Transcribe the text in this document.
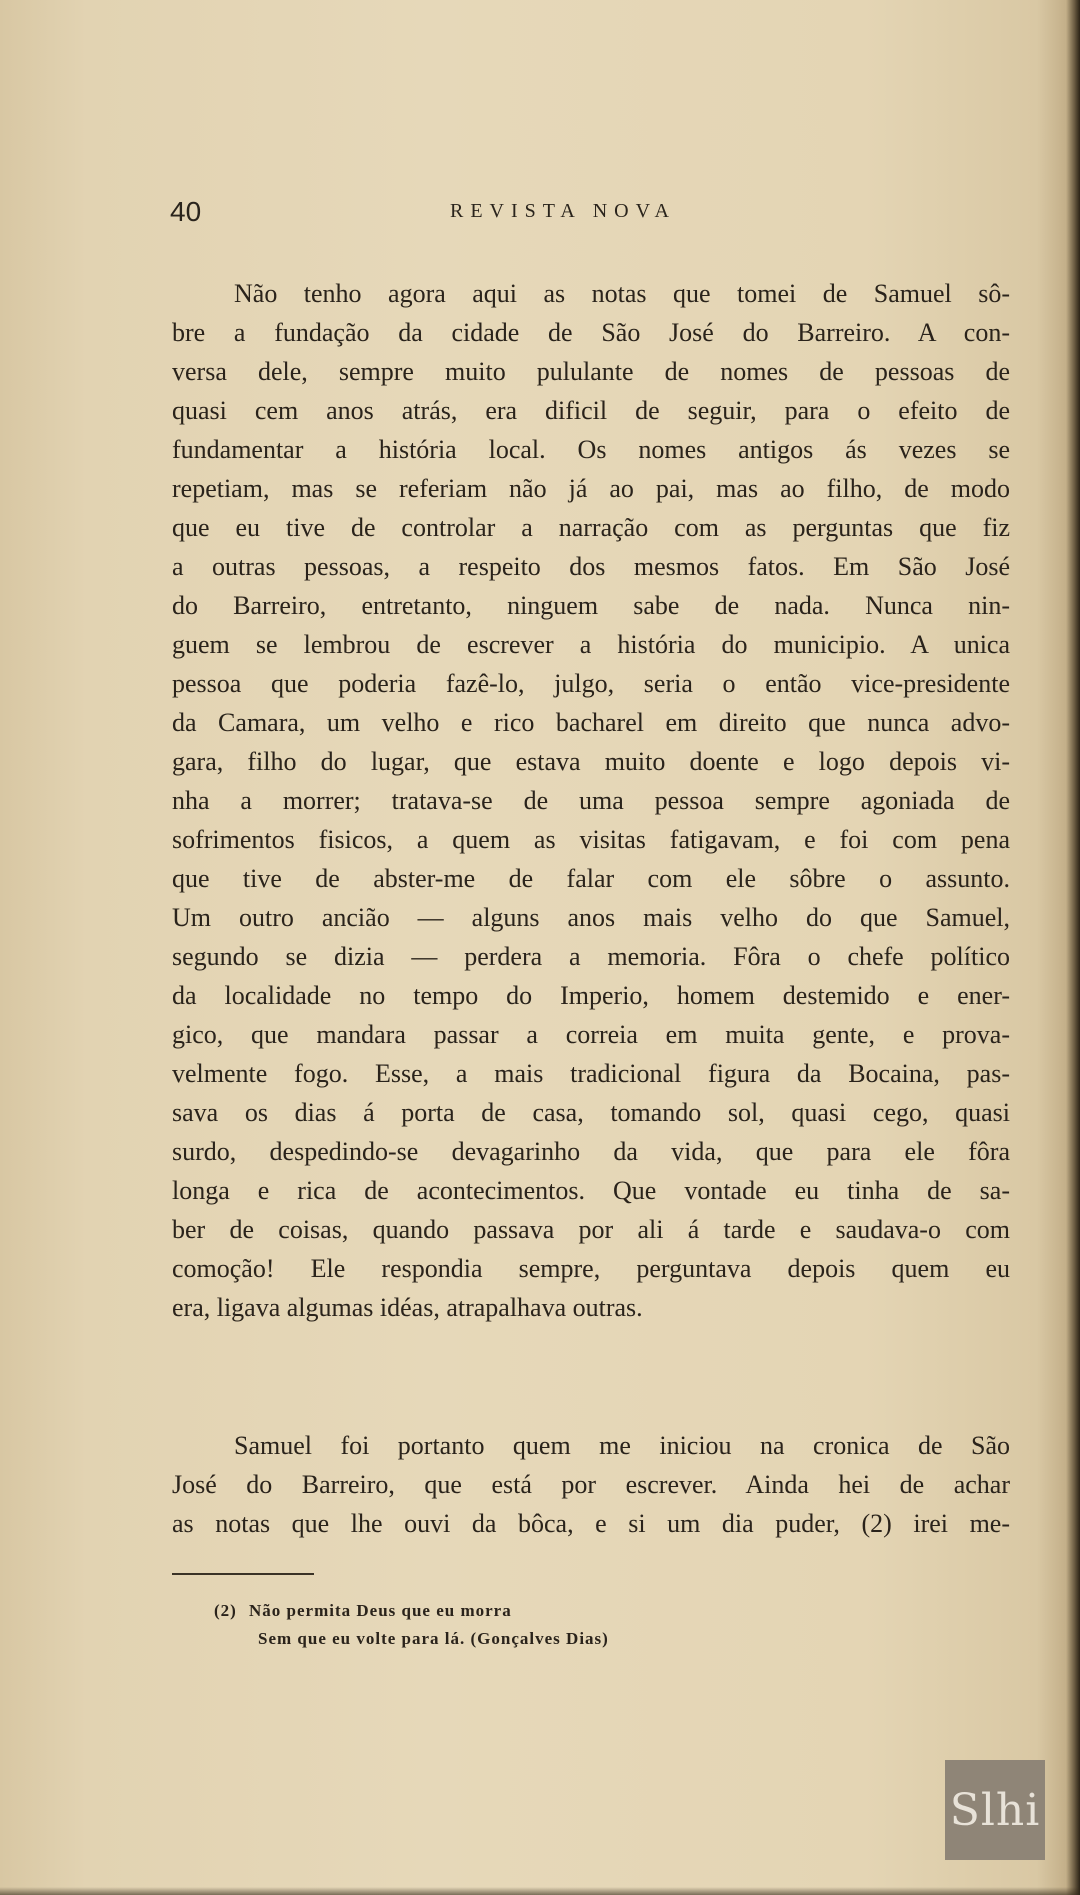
40	REVISTA NOVA
Não tenho agora aqui as notas que tomei de Samuel sô-
bre a fundação da cidade de São José do Barreiro. A con-
versa dele, sempre muito pululante de nomes de pessoas de
quasi cem anos atrás, era dificil de seguir, para o efeito de
fundamentar a história local. Os nomes antigos ás vezes se
repetiam, mas se referiam não já ao pai, mas ao filho, de modo
que eu tive de controlar a narração com as perguntas que fiz
a outras pessoas, a respeito dos mesmos fatos. Em São José
do Barreiro, entretanto, ninguem sabe de nada. Nunca nin-
guem se lembrou de escrever a história do municipio. A unica
pessoa que poderia fazê-lo, julgo, seria o então vice-presidente
da Camara, um velho e rico bacharel em direito que nunca advo-
gara, filho do lugar, que estava muito doente e logo depois vi-
nha a morrer; tratava-se de uma pessoa sempre agoniada de
sofrimentos fisicos, a quem as visitas fatigavam, e foi com pena
que tive de abster-me de falar com ele sôbre o assunto.
Um outro ancião — alguns anos mais velho do que Samuel,
segundo se dizia — perdera a memoria. Fôra o chefe político
da localidade no tempo do Imperio, homem destemido e ener-
gico, que mandara passar a correia em muita gente, e prova-
velmente fogo. Esse, a mais tradicional figura da Bocaina, pas-
sava os dias á porta de casa, tomando sol, quasi cego, quasi
surdo, despedindo-se devagarinho da vida, que para ele fôra
longa e rica de acontecimentos. Que vontade eu tinha de sa-
ber de coisas, quando passava por ali á tarde e saudava-o com
comoção! Ele respondia sempre, perguntava depois quem eu
era, ligava algumas idéas, atrapalhava outras.
Samuel foi portanto quem me iniciou na cronica de São
José do Barreiro, que está por escrever. Ainda hei de achar
as notas que lhe ouvi da bôca, e si um dia puder, (2) irei me-
(2) Não permita Deus que eu morra
Sem que eu volte para lá. (Gonçalves Dias)
Slhi
